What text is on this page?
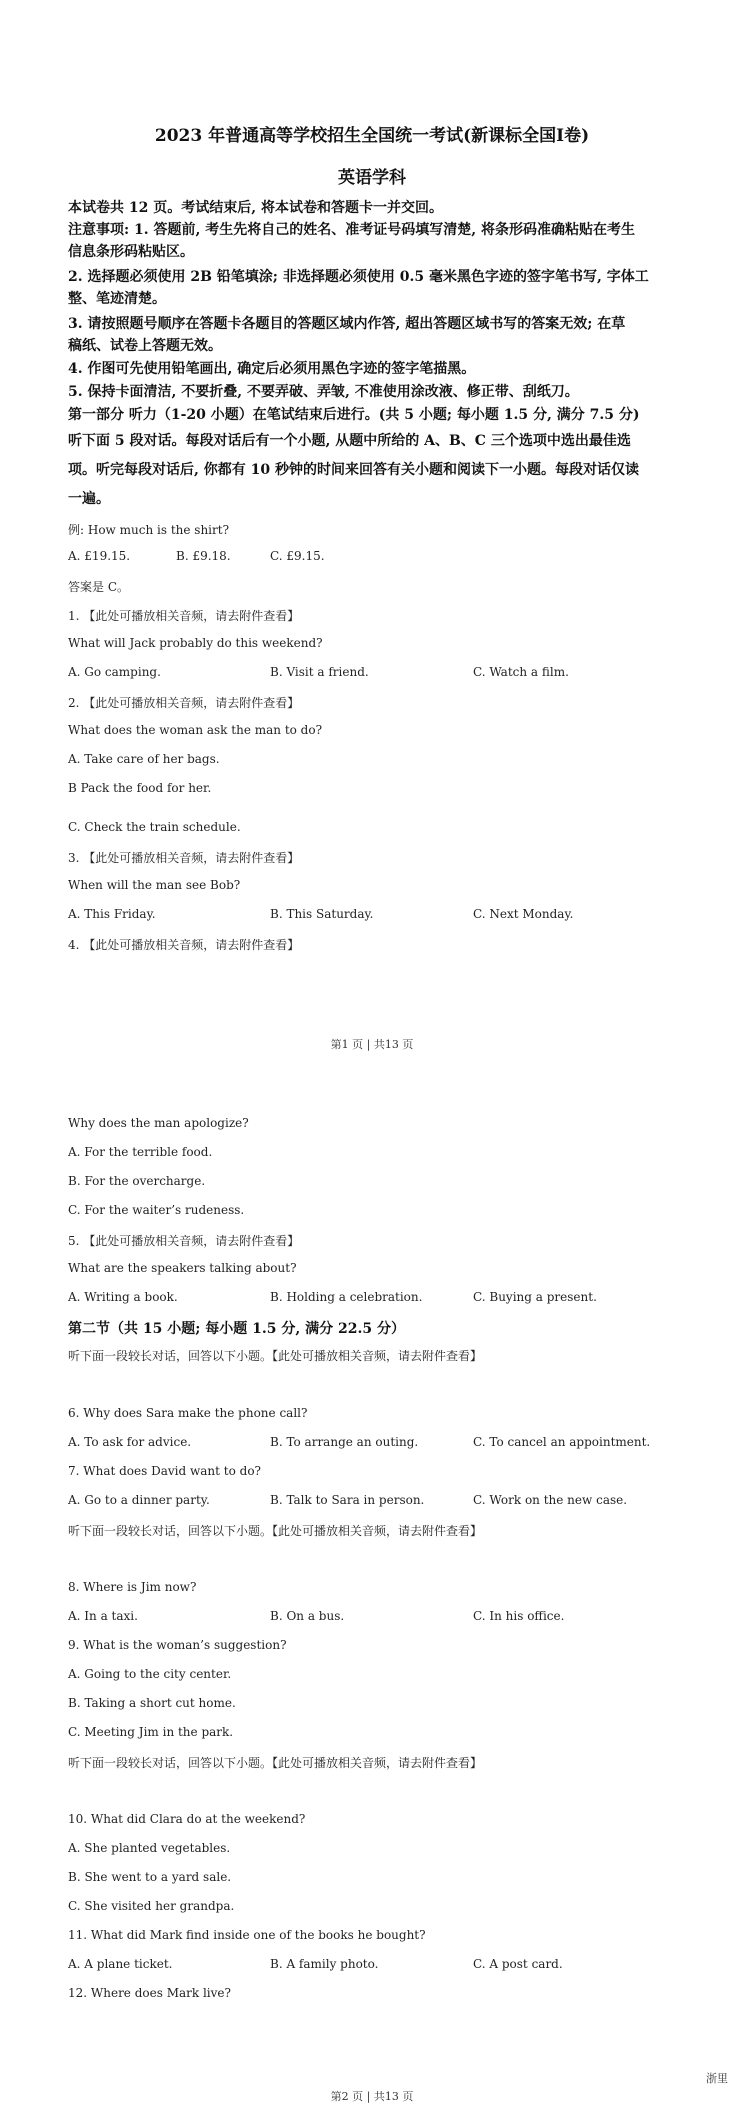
2023 年普通高等学校招生全国统一考试(新课标全国Ⅰ卷)
英语学科
本试卷共 12 页。考试结束后, 将本试卷和答题卡一并交回。
注意事项: 1. 答题前, 考生先将自己的姓名、准考证号码填写清楚, 将条形码准确粘贴在考生
信息条形码粘贴区。
2. 选择题必须使用 2B 铅笔填涂; 非选择题必须使用 0.5 毫米黑色字迹的签字笔书写, 字体工
整、笔迹清楚。
3. 请按照题号顺序在答题卡各题目的答题区域内作答, 超出答题区域书写的答案无效; 在草
稿纸、试卷上答题无效。
4. 作图可先使用铅笔画出, 确定后必须用黑色字迹的签字笔描黑。
5. 保持卡面清洁, 不要折叠, 不要弄破、弄皱, 不准使用涂改液、修正带、刮纸刀。
第一部分 听力（1-20 小题）在笔试结束后进行。(共 5 小题; 每小题 1.5 分, 满分 7.5 分)
听下面 5 段对话。每段对话后有一个小题, 从题中所给的 A、B、C 三个选项中选出最佳选
项。听完每段对话后, 你都有 10 秒钟的时间来回答有关小题和阅读下一小题。每段对话仅读
一遍。
例: How much is the shirt?
A. £19.15.	B. £9.18.	C. £9.15.
答案是 C。
1. 【此处可播放相关音频，请去附件查看】
What will Jack probably do this weekend?
A. Go camping.	B. Visit a friend.	C. Watch a film.
2. 【此处可播放相关音频，请去附件查看】
What does the woman ask the man to do?
A. Take care of her bags.
B Pack the food for her.
C. Check the train schedule.
3. 【此处可播放相关音频，请去附件查看】
When will the man see Bob?
A. This Friday.	B. This Saturday.	C. Next Monday.
4. 【此处可播放相关音频，请去附件查看】
第1 页 | 共13 页
Why does the man apologize?
A. For the terrible food.
B. For the overcharge.
C. For the waiter’s rudeness.
5. 【此处可播放相关音频，请去附件查看】
What are the speakers talking about?
A. Writing a book.	B. Holding a celebration.	C. Buying a present.
第二节（共 15 小题; 每小题 1.5 分, 满分 22.5 分）
听下面一段较长对话，回答以下小题。【此处可播放相关音频，请去附件查看】
6. Why does Sara make the phone call?
A. To ask for advice.	B. To arrange an outing.	C. To cancel an appointment.
7. What does David want to do?
A. Go to a dinner party.	B. Talk to Sara in person.	C. Work on the new case.
听下面一段较长对话，回答以下小题。【此处可播放相关音频，请去附件查看】
8. Where is Jim now?
A. In a taxi.	B. On a bus.	C. In his office.
9. What is the woman’s suggestion?
A. Going to the city center.
B. Taking a short cut home.
C. Meeting Jim in the park.
听下面一段较长对话，回答以下小题。【此处可播放相关音频，请去附件查看】
10. What did Clara do at the weekend?
A. She planted vegetables.
B. She went to a yard sale.
C. She visited her grandpa.
11. What did Mark find inside one of the books he bought?
A. A plane ticket.	B. A family photo.	C. A post card.
12. Where does Mark live?
浙里
第2 页 | 共13 页
